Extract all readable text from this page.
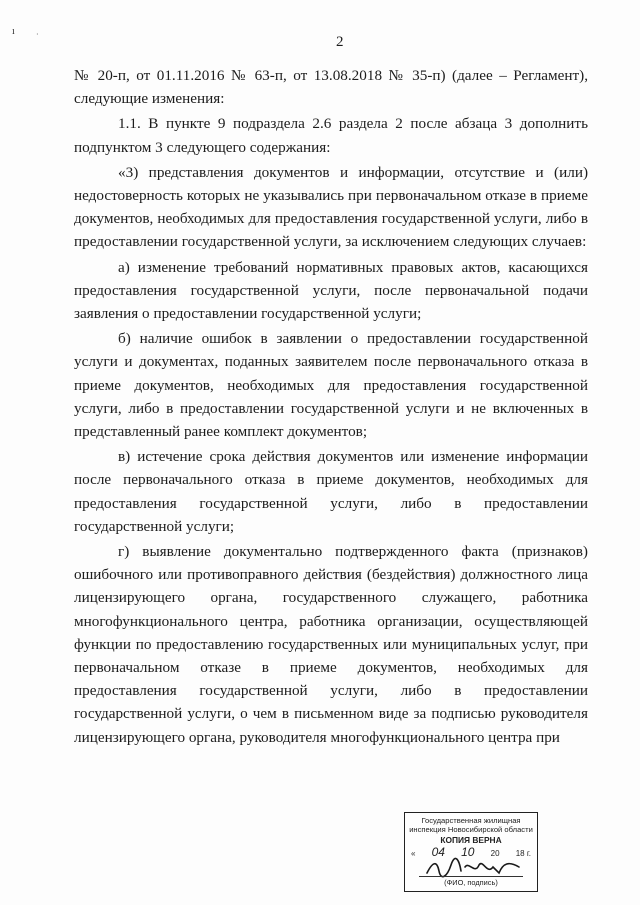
ı	·	2

№ 20-п, от 01.11.2016 № 63-п, от 13.08.2018 № 35-п) (далее – Регламент), следующие изменения:

1.1. В пункте 9 подраздела 2.6 раздела 2 после абзаца 3 дополнить подпунктом 3 следующего содержания:

«3) представления документов и информации, отсутствие и (или) недостоверность которых не указывались при первоначальном отказе в приеме документов, необходимых для предоставления государственной услуги, либо в предоставлении государственной услуги, за исключением следующих случаев:

а) изменение требований нормативных правовых актов, касающихся предоставления государственной услуги, после первоначальной подачи заявления о предоставлении государственной услуги;

б) наличие ошибок в заявлении о предоставлении государственной услуги и документах, поданных заявителем после первоначального отказа в приеме документов, необходимых для предоставления государственной услуги, либо в предоставлении государственной услуги и не включенных в представленный ранее комплект документов;

в) истечение срока действия документов или изменение информации после первоначального отказа в приеме документов, необходимых для предоставления государственной услуги, либо в предоставлении государственной услуги;

г) выявление документально подтвержденного факта (признаков) ошибочного или противоправного действия (бездействия) должностного лица лицензирующего органа, государственного служащего, работника многофункционального центра, работника организации, осуществляющей функции по предоставлению государственных или муниципальных услуг, при первоначальном отказе в приеме документов, необходимых для предоставления государственной услуги, либо в предоставлении государственной услуги, о чем в письменном виде за подписью руководителя лицензирующего органа, руководителя многофункционального центра при

Государственная жилищная
инспекция Новосибирской области
КОПИЯ ВЕРНА
« 04 10 20 18 г.
(ФИО, подпись)
